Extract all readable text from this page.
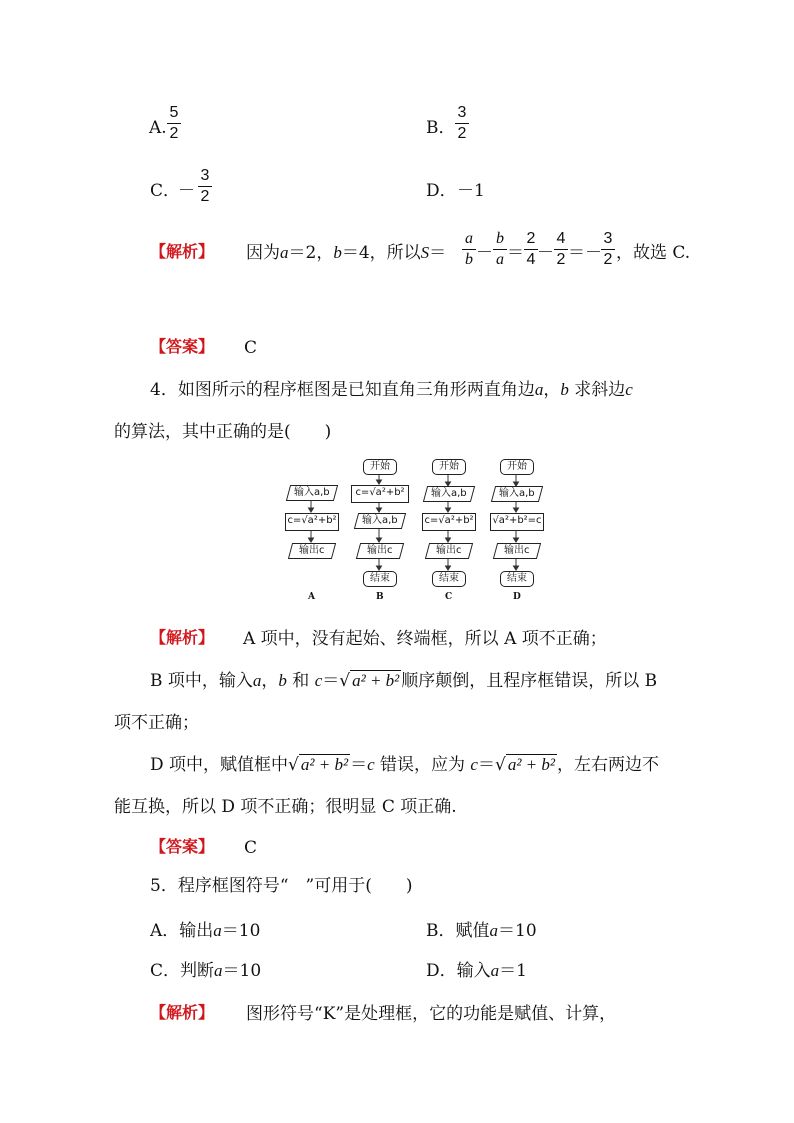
A.
5
2	B．
3
2
C．
－
3
2	D． －1
【解析】 因为a＝2，b＝4，所以S＝
a
b －
b
a ＝
2
4 －
4
2 ＝－
3
2 ，故选 C.
【答案】 C
4．如图所示的程序框图是已知直角三角形两直角边a，b 求斜边c
的算法，其中正确的是(　　)
输入a,b
c=√a²+b²
输出c
A
开始
c=√a²+b²
输入a,b
输出c
结束
B
开始
输入a,b
c=√a²+b²
输出c
结束
C
开始
输入a,b
√a²+b²=c
输出c
结束
D
【解析】 A 项中，没有起始、终端框，所以 A 项不正确；
B 项中，输入a，b 和 c＝√ a² + b² 顺序颠倒，且程序框错误，所以 B
项不正确；
D 项中，赋值框中√ a² + b² ＝c 错误，应为 c＝√ a² + b² ，左右两边不
能互换，所以 D 项不正确；很明显 C 项正确.
【答案】 C
5．程序框图符号“　”可用于(　　)
A．输出a＝10	B．赋值a＝10
C．判断a＝10	D．输入a＝1
【解析】 图形符号“K”是处理框，它的功能是赋值、计算，
